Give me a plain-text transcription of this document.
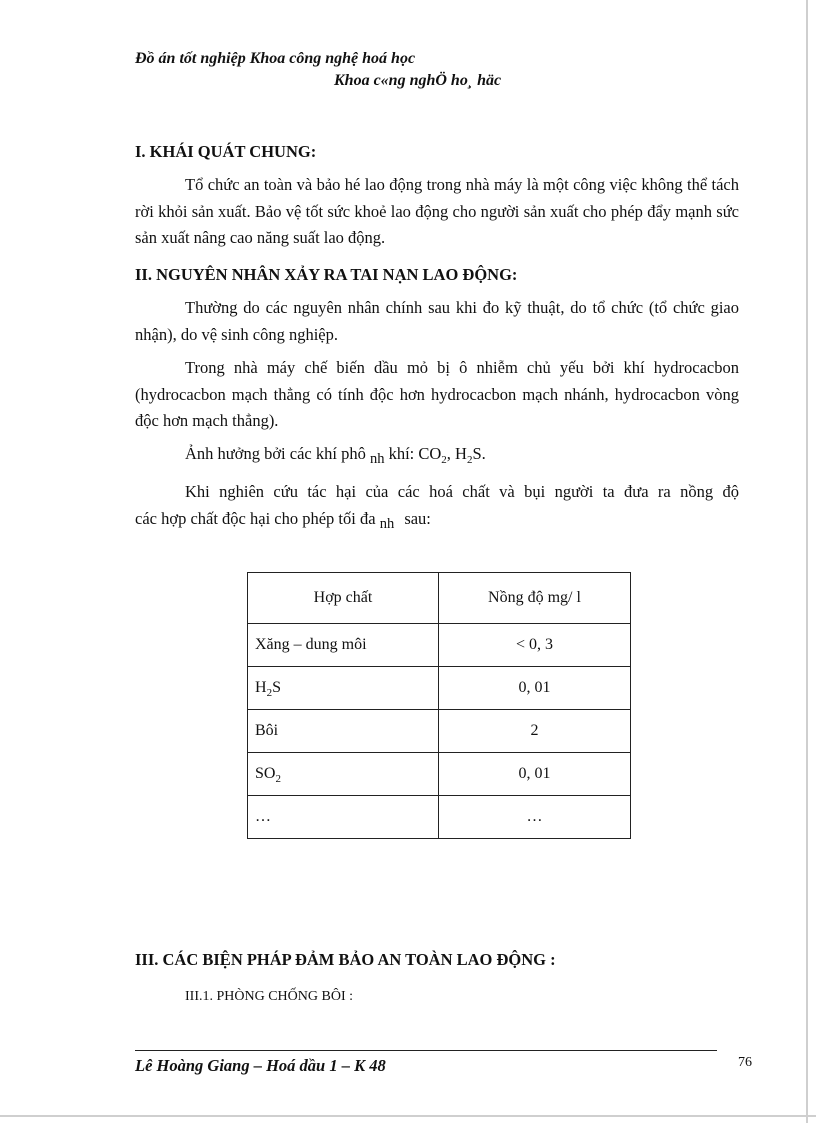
Đồ án tốt nghiệp Khoa công nghệ hoá học
Khoa c«ng nghÖ ho¸ häc
I. KHÁI QUÁT CHUNG:

Tổ chức an toàn và bảo hé lao động trong nhà máy là một công việc không thể tách rời khỏi sản xuất. Bảo vệ tốt sức khoẻ lao động cho người sản xuất cho phép đẩy mạnh sức sản xuất nâng cao năng suất lao động.

II. NGUYÊN NHÂN XẢY RA TAI NẠN LAO ĐỘNG:

Thường do các nguyên nhân chính sau khi đo kỹ thuật, do tổ chức (tổ chức giao nhận), do vệ sinh công nghiệp.

Trong nhà máy chế biến dầu mỏ bị ô nhiễm chủ yếu bởi khí hydrocacbon (hydrocacbon mạch thẳng có tính độc hơn hydrocacbon mạch nhánh, hydrocacbon vòng độc hơn mạch thẳng).

Ảnh hưởng bởi các khí phô nh khí: $CO_2$, $H_2S$.
Khi nghiên cứu tác hại của các hoá chất và bụi người ta đưa ra nồng độ
các hợp chất độc hại cho phép tối đa nh sau:
Hợp chất	Nồng độ mg/ l
Xăng – dung môi	< 0, 3
$H_2S$	0, 01
Bôi	2
$SO_2$	0, 01
…	…
III. CÁC BIỆN PHÁP ĐẢM BẢO AN TOÀN LAO ĐỘNG :
III.1. PHÒNG CHỐNG BÔI :
Lê Hoàng Giang – Hoá dầu 1 – K 48	76
